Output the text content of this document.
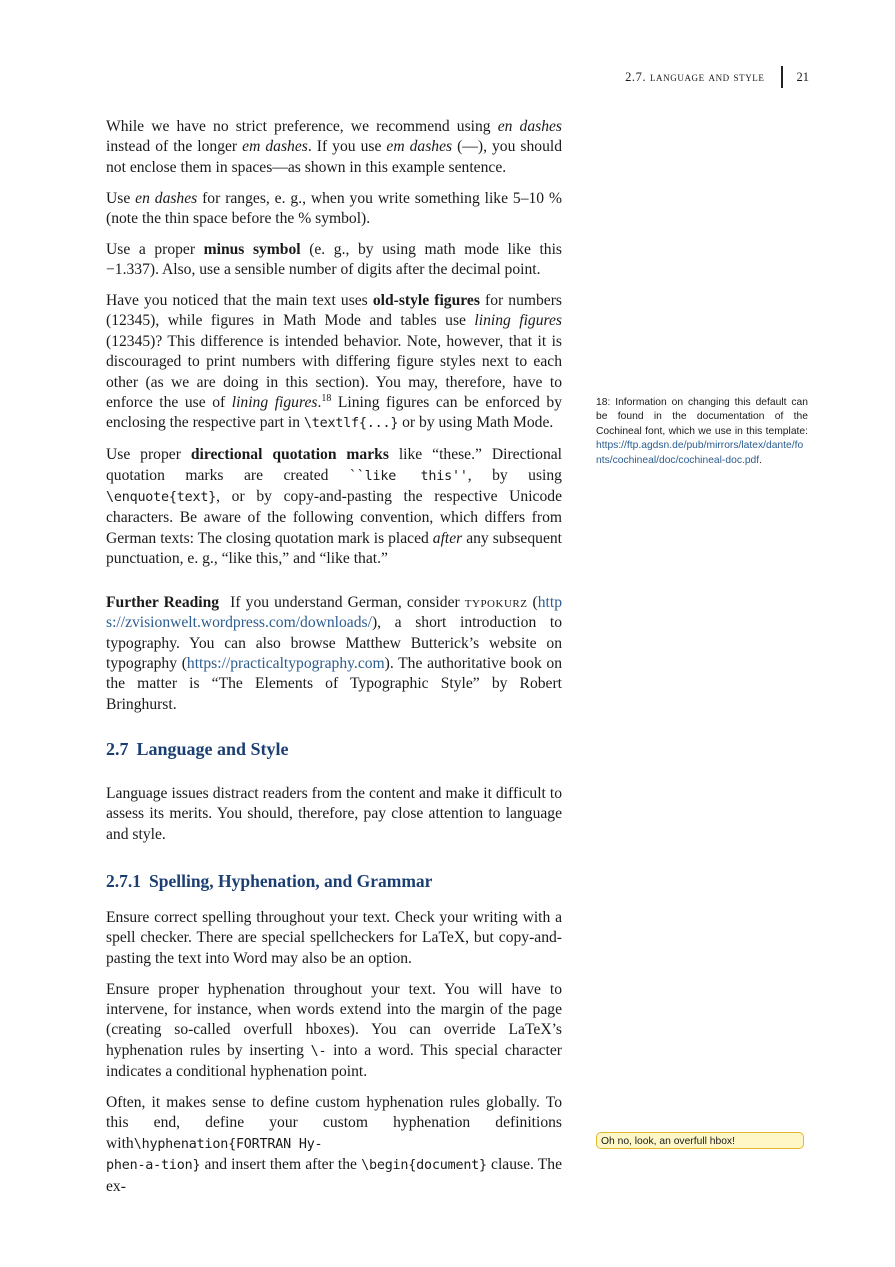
2.7. language and style	21

While we have no strict preference, we recommend using en dashes instead of the longer em dashes. If you use em dashes (—), you should not enclose them in spaces—as shown in this example sentence.

Use en dashes for ranges, e. g., when you write something like 5–10 % (note the thin space before the % symbol).

Use a proper minus symbol (e. g., by using math mode like this −1.337). Also, use a sensible number of digits after the decimal point.

Have you noticed that the main text uses old-style figures for numbers (12345), while figures in Math Mode and tables use lining figures (12345)? This difference is intended behavior. Note, however, that it is discouraged to print numbers with differing figure styles next to each other (as we are doing in this section). You may, therefore, have to enforce the use of lining figures.$^{18}$ Lining figures can be enforced by enclosing the respective part in \textlf{...} or by using Math Mode.

Use proper directional quotation marks like “these.” Directional quotation marks are created ``like this'', by using \enquote{text}, or by copy-and-pasting the respective Unicode characters. Be aware of the following convention, which differs from German texts: The closing quotation mark is placed after any subsequent punctuation, e. g., “like this,” and “like that.”

Further Reading If you understand German, consider typokurz (https://zvisionwelt.wordpress.com/downloads/), a short introduction to typography. You can also browse Matthew Butterick’s website on typography (https://practicaltypography.com). The authoritative book on the matter is “The Elements of Typographic Style” by Robert Bringhurst.

2.7 Language and Style

Language issues distract readers from the content and make it difficult to assess its merits. You should, therefore, pay close attention to language and style.

2.7.1 Spelling, Hyphenation, and Grammar

Ensure correct spelling throughout your text. Check your writing with a spell checker. There are special spellcheckers for LaTeX, but copy-and-pasting the text into Word may also be an option.

Ensure proper hyphenation throughout your text. You will have to intervene, for instance, when words extend into the margin of the page (creating so-called overfull hboxes). You can override LaTeX’s hyphenation rules by inserting \- into a word. This special character indicates a conditional hyphenation point.

Often, it makes sense to define custom hyphenation rules globally. To this end, define your custom hyphenation definitions with\hyphenation{FORTRAN Hy-
phen-a-tion} and insert them after the \begin{document} clause. The ex-

18: Information on changing this default can be found in the documentation of the Cochineal font, which we use in this template: https://ftp.agdsn.de/pub/mirrors/latex/dante/fonts/cochineal/doc/cochineal-doc.pdf.
Oh no, look, an overfull hbox!
